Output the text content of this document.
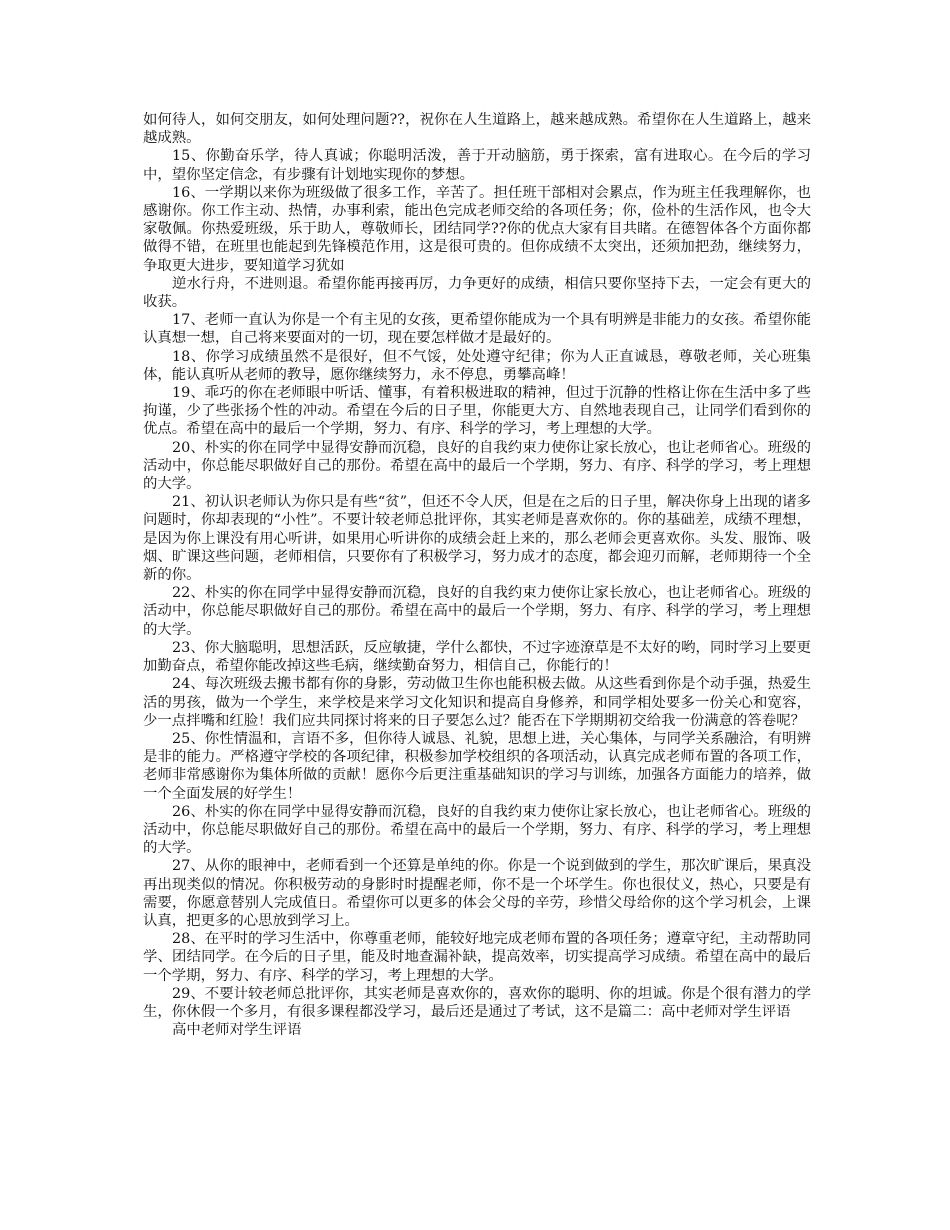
如何待人，如何交朋友，如何处理问题??，祝你在人生道路上，越来越成熟。希望你在人生道路上，越来越成熟。

15、你勤奋乐学，待人真诚；你聪明活泼，善于开动脑筋，勇于探索，富有进取心。在今后的学习中，望你坚定信念，有步骤有计划地实现你的梦想。

16、一学期以来你为班级做了很多工作，辛苦了。担任班干部相对会累点，作为班主任我理解你，也感谢你。你工作主动、热情，办事利索，能出色完成老师交给的各项任务；你，俭朴的生活作风，也令大家敬佩。你热爱班级，乐于助人，尊敬师长，团结同学??你的优点大家有目共睹。在德智体各个方面你都做得不错，在班里也能起到先锋模范作用，这是很可贵的。但你成绩不太突出，还须加把劲，继续努力，争取更大进步，要知道学习犹如

逆水行舟，不进则退。希望你能再接再厉，力争更好的成绩，相信只要你坚持下去，一定会有更大的收获。

17、老师一直认为你是一个有主见的女孩，更希望你能成为一个具有明辨是非能力的女孩。希望你能认真想一想，自己将来要面对的一切，现在要怎样做才是最好的。

18、你学习成绩虽然不是很好，但不气馁，处处遵守纪律；你为人正直诚恳，尊敬老师，关心班集体，能认真听从老师的教导，愿你继续努力，永不停息，勇攀高峰！

19、乖巧的你在老师眼中听话、懂事，有着积极进取的精神，但过于沉静的性格让你在生活中多了些拘谨，少了些张扬个性的冲动。希望在今后的日子里，你能更大方、自然地表现自己，让同学们看到你的优点。希望在高中的最后一个学期，努力、有序、科学的学习，考上理想的大学。

20、朴实的你在同学中显得安静而沉稳，良好的自我约束力使你让家长放心，也让老师省心。班级的活动中，你总能尽职做好自己的那份。希望在高中的最后一个学期，努力、有序、科学的学习，考上理想的大学。

21、初认识老师认为你只是有些“贫”，但还不令人厌，但是在之后的日子里，解决你身上出现的诸多问题时，你却表现的“小性”。不要计较老师总批评你，其实老师是喜欢你的。你的基础差，成绩不理想，是因为你上课没有用心听讲，如果用心听讲你的成绩会赶上来的，那么老师会更喜欢你。头发、服饰、吸烟、旷课这些问题，老师相信，只要你有了积极学习，努力成才的态度，都会迎刃而解，老师期待一个全新的你。

22、朴实的你在同学中显得安静而沉稳，良好的自我约束力使你让家长放心，也让老师省心。班级的活动中，你总能尽职做好自己的那份。希望在高中的最后一个学期，努力、有序、科学的学习，考上理想的大学。

23、你大脑聪明，思想活跃，反应敏捷，学什么都快，不过字迹潦草是不太好的哟，同时学习上要更加勤奋点，希望你能改掉这些毛病，继续勤奋努力，相信自己，你能行的！

24、每次班级去搬书都有你的身影，劳动做卫生你也能积极去做。从这些看到你是个动手强，热爱生活的男孩，做为一个学生，来学校是来学习文化知识和提高自身修养，和同学相处要多一份关心和宽容，少一点拌嘴和红脸！我们应共同探讨将来的日子要怎么过？能否在下学期期初交给我一份满意的答卷呢？

25、你性情温和，言语不多，但你待人诚恳、礼貌，思想上进，关心集体，与同学关系融洽，有明辨是非的能力。严格遵守学校的各项纪律，积极参加学校组织的各项活动，认真完成老师布置的各项工作，老师非常感谢你为集体所做的贡献！愿你今后更注重基础知识的学习与训练，加强各方面能力的培养，做一个全面发展的好学生！

26、朴实的你在同学中显得安静而沉稳，良好的自我约束力使你让家长放心，也让老师省心。班级的活动中，你总能尽职做好自己的那份。希望在高中的最后一个学期，努力、有序、科学的学习，考上理想的大学。

27、从你的眼神中，老师看到一个还算是单纯的你。你是一个说到做到的学生，那次旷课后，果真没再出现类似的情况。你积极劳动的身影时时提醒老师，你不是一个坏学生。你也很仗义，热心，只要是有需要，你愿意替别人完成值日。希望你可以更多的体会父母的辛劳，珍惜父母给你的这个学习机会，上课认真，把更多的心思放到学习上。

28、在平时的学习生活中，你尊重老师，能较好地完成老师布置的各项任务；遵章守纪，主动帮助同学、团结同学。在今后的日子里，能及时地查漏补缺，提高效率，切实提高学习成绩。希望在高中的最后一个学期，努力、有序、科学的学习，考上理想的大学。

29、不要计较老师总批评你，其实老师是喜欢你的，喜欢你的聪明、你的坦诚。你是个很有潜力的学生，你休假一个多月，有很多课程都没学习，最后还是通过了考试，这不是篇二：高中老师对学生评语

高中老师对学生评语
